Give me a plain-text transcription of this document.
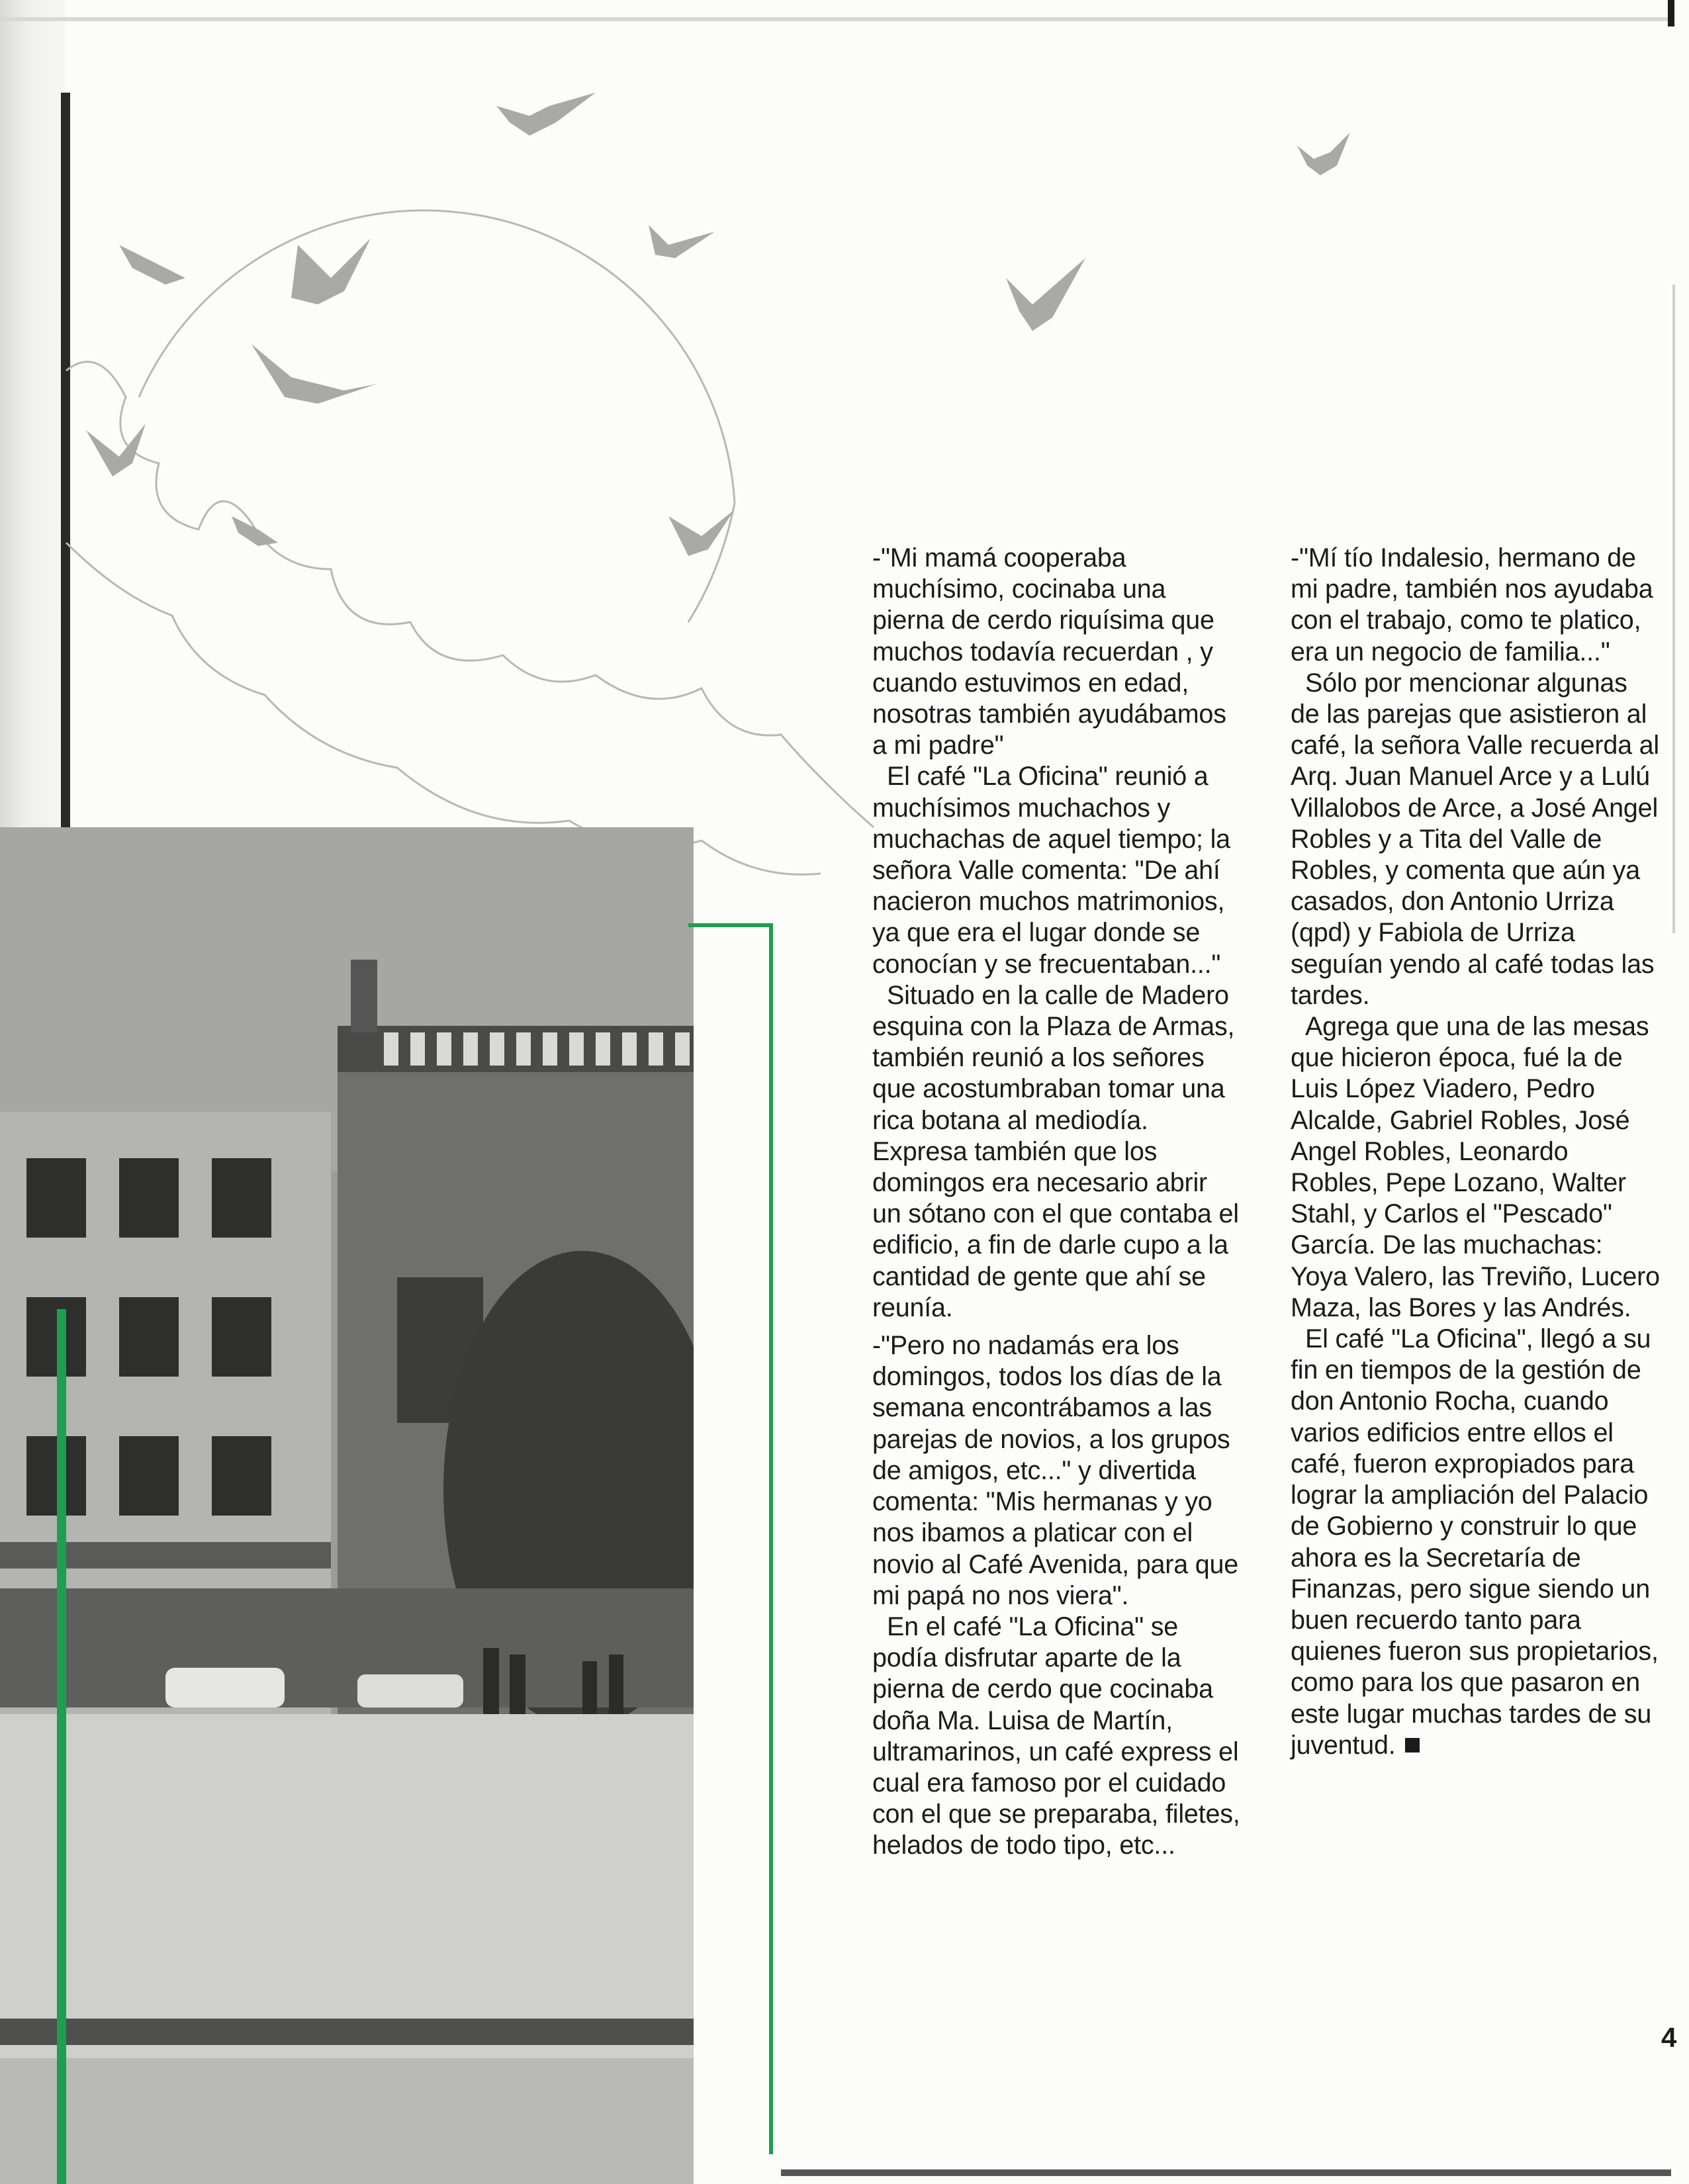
-"Mi mamá cooperaba muchísimo, cocinaba una pierna de cerdo riquísima que muchos todavía recuerdan , y cuando estuvimos en edad, nosotras también ayudábamos a mi padre"

El café "La Oficina" reunió a muchísimos muchachos y muchachas de aquel tiempo; la señora Valle comenta: "De ahí nacieron muchos matrimonios, ya que era el lugar donde se conocían y se frecuentaban..."

Situado en la calle de Madero esquina con la Plaza de Armas, también reunió a los señores que acostumbraban tomar una rica botana al mediodía. Expresa también que los domingos era necesario abrir un sótano con el que contaba el edificio, a fin de darle cupo a la cantidad de gente que ahí se reunía.

-"Pero no nadamás era los domingos, todos los días de la semana encontrábamos a las parejas de novios, a los grupos de amigos, etc..." y divertida comenta: "Mis hermanas y yo nos ibamos a platicar con el novio al Café Avenida, para que mi papá no nos viera".

En el café "La Oficina" se podía disfrutar aparte de la pierna de cerdo que cocinaba doña Ma. Luisa de Martín, ultramarinos, un café express el cual era famoso por el cuidado con el que se preparaba, filetes, helados de todo tipo, etc...

-"Mí tío Indalesio, hermano de mi padre, también nos ayudaba con el trabajo, como te platico, era un negocio de familia..."

Sólo por mencionar algunas de las parejas que asistieron al café, la señora Valle recuerda al Arq. Juan Manuel Arce y a Lulú Villalobos de Arce, a José Angel Robles y a Tita del Valle de Robles, y comenta que aún ya casados, don Antonio Urriza (qpd) y Fabiola de Urriza seguían yendo al café todas las tardes.

Agrega que una de las mesas que hicieron época, fué la de Luis López Viadero, Pedro Alcalde, Gabriel Robles, José Angel Robles, Leonardo Robles, Pepe Lozano, Walter Stahl, y Carlos el "Pescado" García. De las muchachas: Yoya Valero, las Treviño, Lucero Maza, las Bores y las Andrés.

El café "La Oficina", llegó a su fin en tiempos de la gestión de don Antonio Rocha, cuando varios edificios entre ellos el café, fueron expropiados para lograr la ampliación del Palacio de Gobierno y construir lo que ahora es la Secretaría de Finanzas, pero sigue siendo un buen recuerdo tanto para quienes fueron sus propietarios, como para los que pasaron en este lugar muchas tardes de su juventud.

4
